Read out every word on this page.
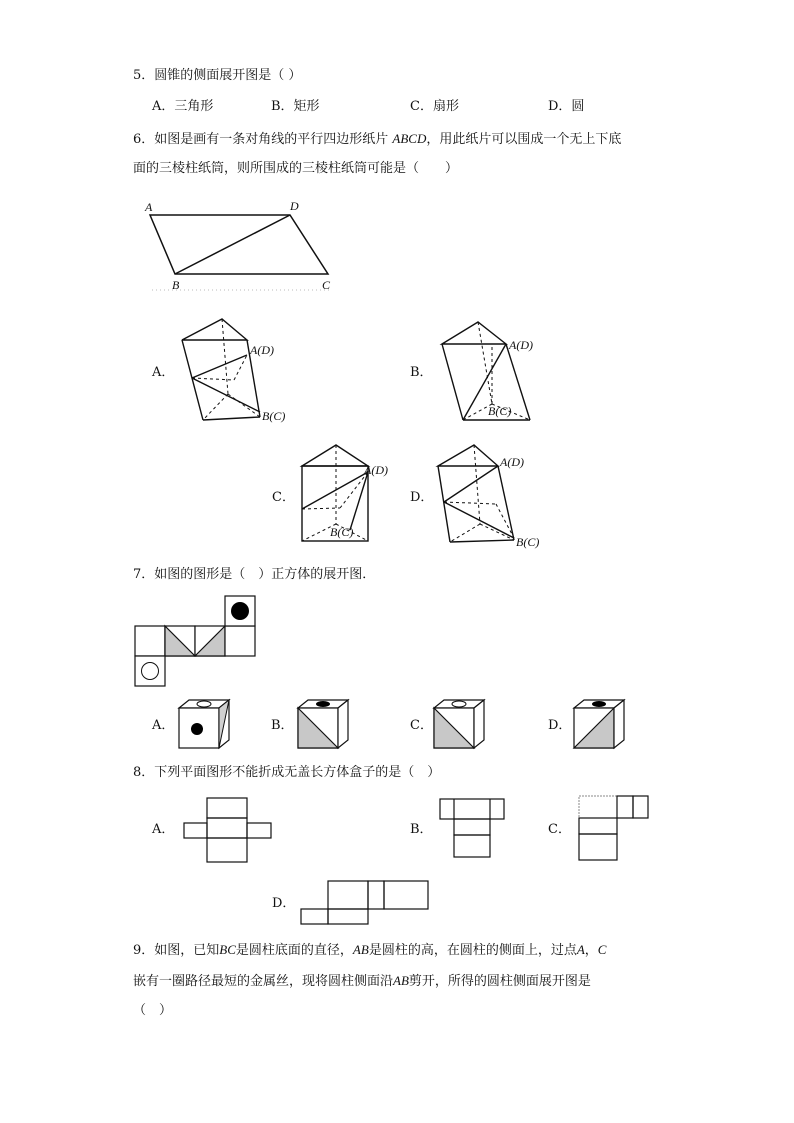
5．圆锥的侧面展开图是（ ）
A．三角形	B．矩形	C．扇形	D．圆
6．如图是画有一条对角线的平行四边形纸片 ABCD，用此纸片可以围成一个无上下底
面的三棱柱纸筒，则所围成的三棱柱纸筒可能是（　　）
A	D
B	C
A．
A(D)
B(C)
B．
A(D)
B(C)
C．
A(D)
B(C)
D．
A(D)
B(C)
7．如图的图形是（　）正方体的展开图．
A．	B．	C．	D．
8．下列平面图形不能折成无盖长方体盒子的是（　）
A．	B．	C．
D．
9．如图，已知BC是圆柱底面的直径，AB是圆柱的高，在圆柱的侧面上，过点A，C
嵌有一圈路径最短的金属丝，现将圆柱侧面沿AB剪开，所得的圆柱侧面展开图是
（　）
